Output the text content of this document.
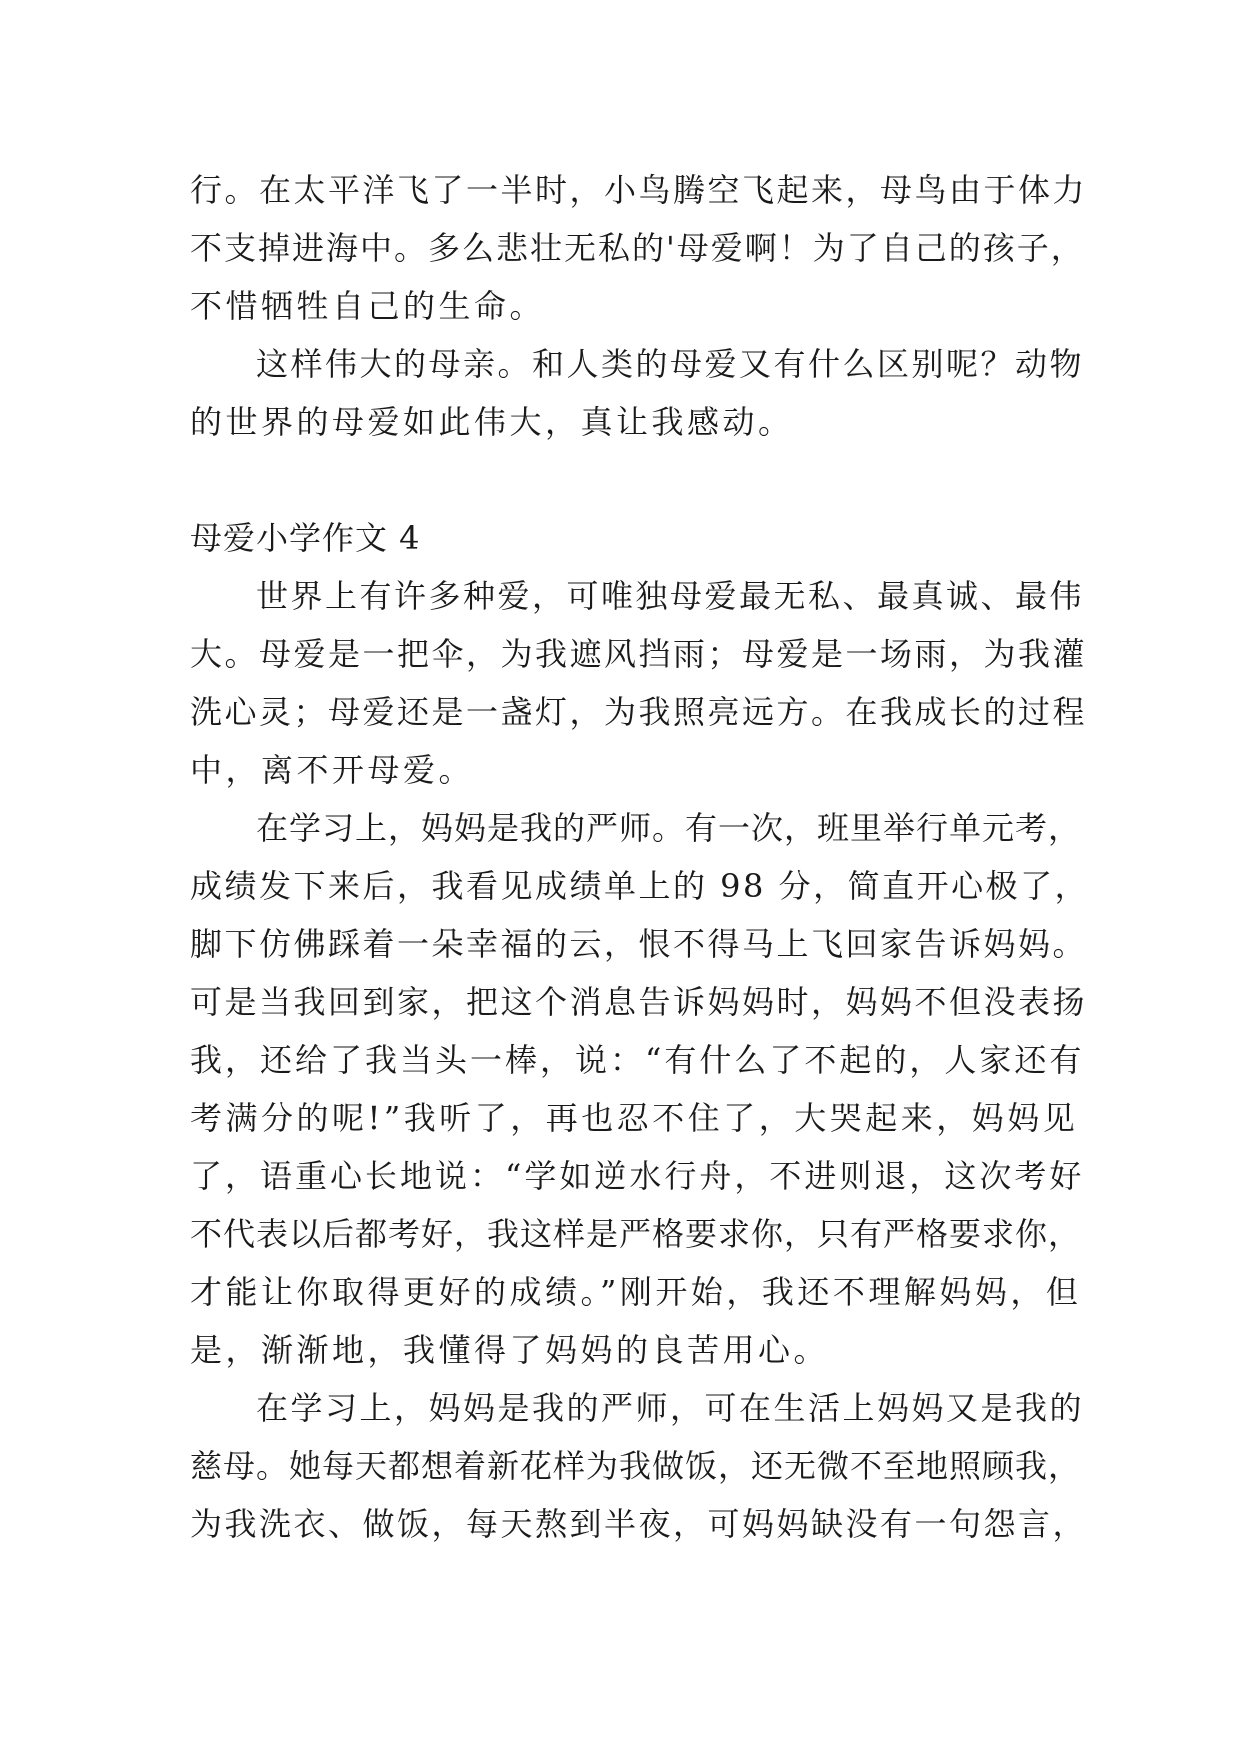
行。在太平洋飞了一半时，小鸟腾空飞起来，母鸟由于体力
不支掉进海中。多么悲壮无私的'母爱啊！为了自己的孩子，
不惜牺牲自己的生命。
这样伟大的母亲。和人类的母爱又有什么区别呢？动物
的世界的母爱如此伟大，真让我感动。
母爱小学作文 4
世界上有许多种爱，可唯独母爱最无私、最真诚、最伟
大。母爱是一把伞，为我遮风挡雨；母爱是一场雨，为我灌
洗心灵；母爱还是一盏灯，为我照亮远方。在我成长的过程
中，离不开母爱。
在学习上，妈妈是我的严师。有一次，班里举行单元考，
成绩发下来后，我看见成绩单上的 98 分，简直开心极了，
脚下仿佛踩着一朵幸福的云，恨不得马上飞回家告诉妈妈。
可是当我回到家，把这个消息告诉妈妈时，妈妈不但没表扬
我，还给了我当头一棒，说：“有什么了不起的，人家还有
考满分的呢!”我听了，再也忍不住了，大哭起来，妈妈见
了，语重心长地说：“学如逆水行舟，不进则退，这次考好
不代表以后都考好，我这样是严格要求你，只有严格要求你，
才能让你取得更好的成绩。”刚开始，我还不理解妈妈，但
是，渐渐地，我懂得了妈妈的良苦用心。
在学习上，妈妈是我的严师，可在生活上妈妈又是我的
慈母。她每天都想着新花样为我做饭，还无微不至地照顾我，
为我洗衣、做饭，每天熬到半夜，可妈妈缺没有一句怨言，
